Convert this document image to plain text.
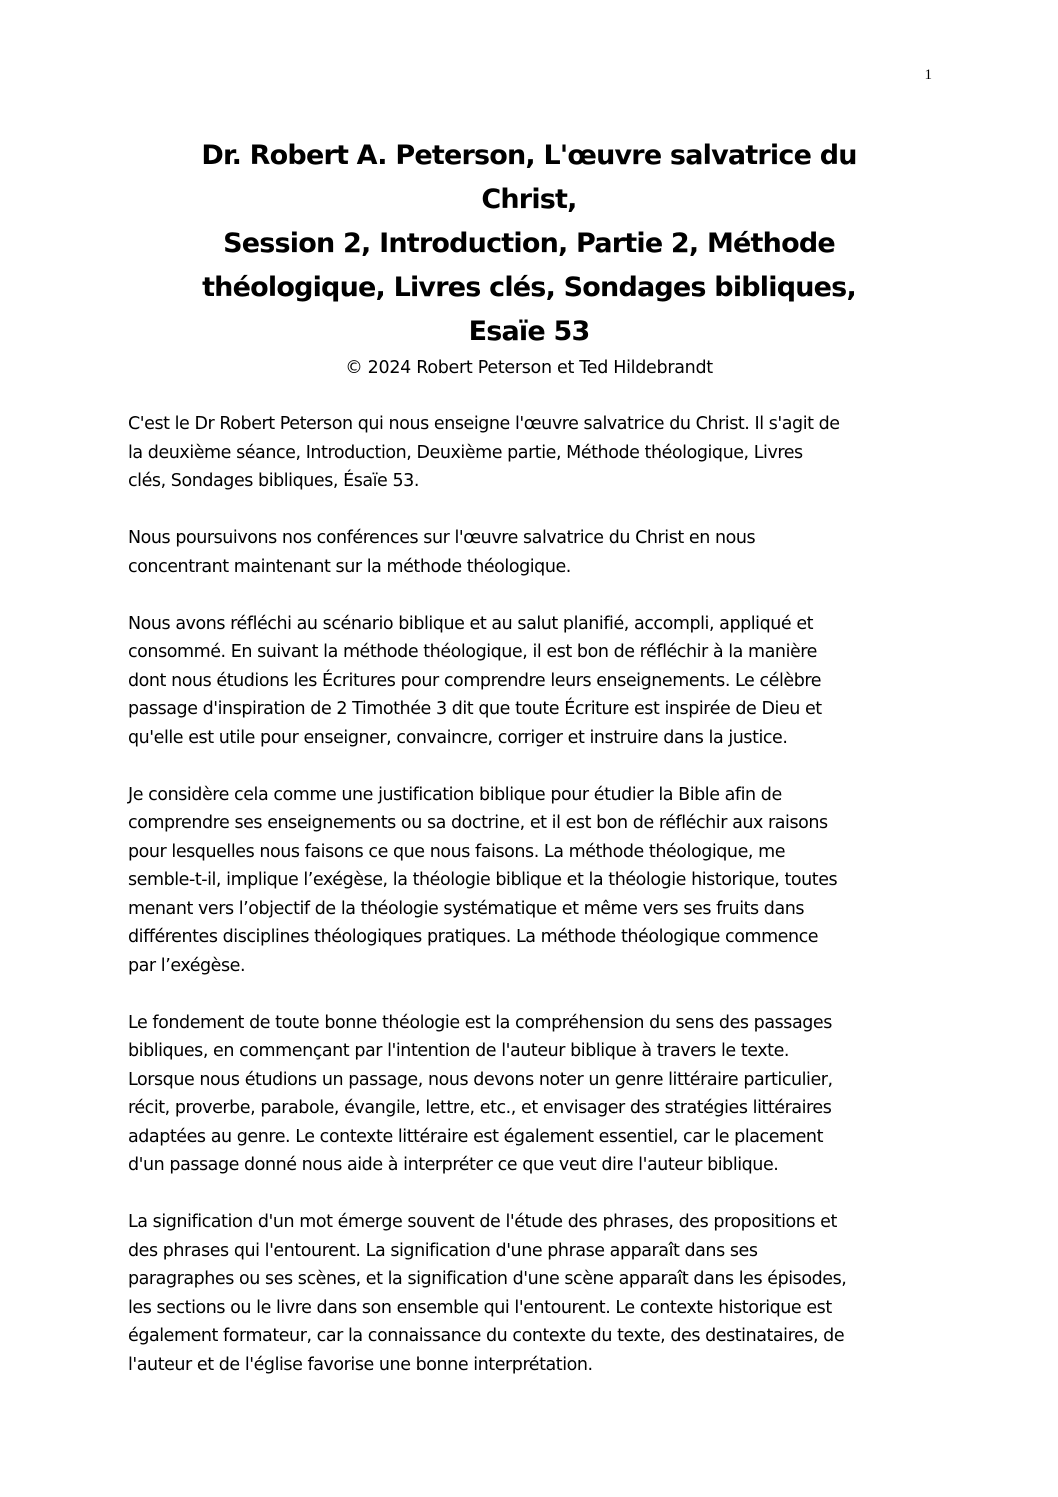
1
Dr. Robert A. Peterson, L'œuvre salvatrice du
Christ,
Session 2, Introduction, Partie 2, Méthode
théologique, Livres clés, Sondages bibliques,
Esaïe 53
© 2024 Robert Peterson et Ted Hildebrandt

C'est le Dr Robert Peterson qui nous enseigne l'œuvre salvatrice du Christ. Il s'agit de
la deuxième séance, Introduction, Deuxième partie, Méthode théologique, Livres
clés, Sondages bibliques, Ésaïe 53.

Nous poursuivons nos conférences sur l'œuvre salvatrice du Christ en nous
concentrant maintenant sur la méthode théologique.

Nous avons réfléchi au scénario biblique et au salut planifié, accompli, appliqué et
consommé. En suivant la méthode théologique, il est bon de réfléchir à la manière
dont nous étudions les Écritures pour comprendre leurs enseignements. Le célèbre
passage d'inspiration de 2 Timothée 3 dit que toute Écriture est inspirée de Dieu et
qu'elle est utile pour enseigner, convaincre, corriger et instruire dans la justice.

Je considère cela comme une justification biblique pour étudier la Bible afin de
comprendre ses enseignements ou sa doctrine, et il est bon de réfléchir aux raisons
pour lesquelles nous faisons ce que nous faisons. La méthode théologique, me
semble-t-il, implique l’exégèse, la théologie biblique et la théologie historique, toutes
menant vers l’objectif de la théologie systématique et même vers ses fruits dans
différentes disciplines théologiques pratiques. La méthode théologique commence
par l’exégèse.

Le fondement de toute bonne théologie est la compréhension du sens des passages
bibliques, en commençant par l'intention de l'auteur biblique à travers le texte.
Lorsque nous étudions un passage, nous devons noter un genre littéraire particulier,
récit, proverbe, parabole, évangile, lettre, etc., et envisager des stratégies littéraires
adaptées au genre. Le contexte littéraire est également essentiel, car le placement
d'un passage donné nous aide à interpréter ce que veut dire l'auteur biblique.

La signification d'un mot émerge souvent de l'étude des phrases, des propositions et
des phrases qui l'entourent. La signification d'une phrase apparaît dans ses
paragraphes ou ses scènes, et la signification d'une scène apparaît dans les épisodes,
les sections ou le livre dans son ensemble qui l'entourent. Le contexte historique est
également formateur, car la connaissance du contexte du texte, des destinataires, de
l'auteur et de l'église favorise une bonne interprétation.
